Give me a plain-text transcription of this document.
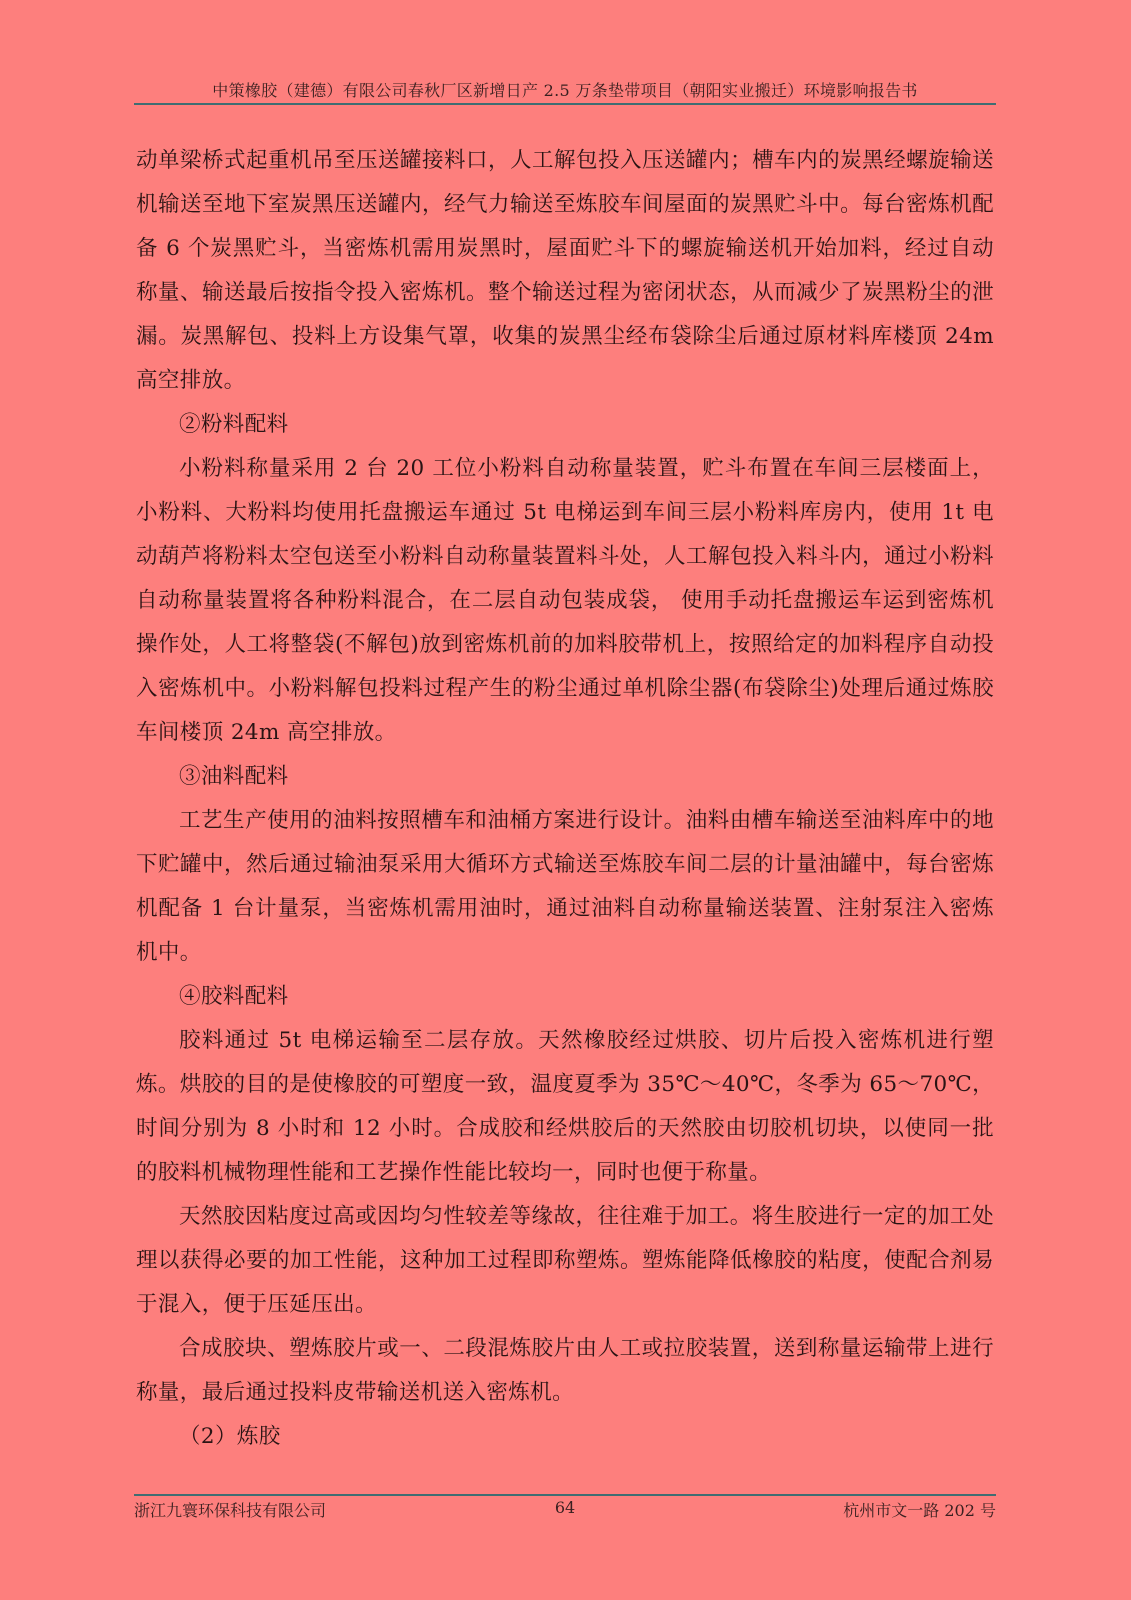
中策橡胶（建德）有限公司春秋厂区新增日产 2.5 万条垫带项目（朝阳实业搬迁）环境影响报告书

动单梁桥式起重机吊至压送罐接料口，人工解包投入压送罐内；槽车内的炭黑经螺旋输送机输送至地下室炭黑压送罐内，经气力输送至炼胶车间屋面的炭黑贮斗中。每台密炼机配备 6 个炭黑贮斗，当密炼机需用炭黑时，屋面贮斗下的螺旋输送机开始加料，经过自动称量、输送最后按指令投入密炼机。整个输送过程为密闭状态，从而减少了炭黑粉尘的泄漏。炭黑解包、投料上方设集气罩，收集的炭黑尘经布袋除尘后通过原材料库楼顶 24m 高空排放。

②粉料配料

小粉料称量采用 2 台 20 工位小粉料自动称量装置，贮斗布置在车间三层楼面上，小粉料、大粉料均使用托盘搬运车通过 5t 电梯运到车间三层小粉料库房内，使用 1t 电动葫芦将粉料太空包送至小粉料自动称量装置料斗处，人工解包投入料斗内，通过小粉料自动称量装置将各种粉料混合，在二层自动包装成袋， 使用手动托盘搬运车运到密炼机操作处，人工将整袋(不解包)放到密炼机前的加料胶带机上，按照给定的加料程序自动投入密炼机中。小粉料解包投料过程产生的粉尘通过单机除尘器(布袋除尘)处理后通过炼胶车间楼顶 24m 高空排放。

③油料配料

工艺生产使用的油料按照槽车和油桶方案进行设计。油料由槽车输送至油料库中的地下贮罐中，然后通过输油泵采用大循环方式输送至炼胶车间二层的计量油罐中，每台密炼机配备 1 台计量泵，当密炼机需用油时，通过油料自动称量输送装置、注射泵注入密炼机中。

④胶料配料

胶料通过 5t 电梯运输至二层存放。天然橡胶经过烘胶、切片后投入密炼机进行塑炼。烘胶的目的是使橡胶的可塑度一致，温度夏季为 35℃～40℃，冬季为 65～70℃，时间分别为 8 小时和 12 小时。合成胶和经烘胶后的天然胶由切胶机切块，以使同一批的胶料机械物理性能和工艺操作性能比较均一，同时也便于称量。

天然胶因粘度过高或因均匀性较差等缘故，往往难于加工。将生胶进行一定的加工处理以获得必要的加工性能，这种加工过程即称塑炼。塑炼能降低橡胶的粘度，使配合剂易于混入，便于压延压出。

合成胶块、塑炼胶片或一、二段混炼胶片由人工或拉胶装置，送到称量运输带上进行称量，最后通过投料皮带输送机送入密炼机。

（2）炼胶

浙江九寰环保科技有限公司	64	杭州市文一路 202 号
